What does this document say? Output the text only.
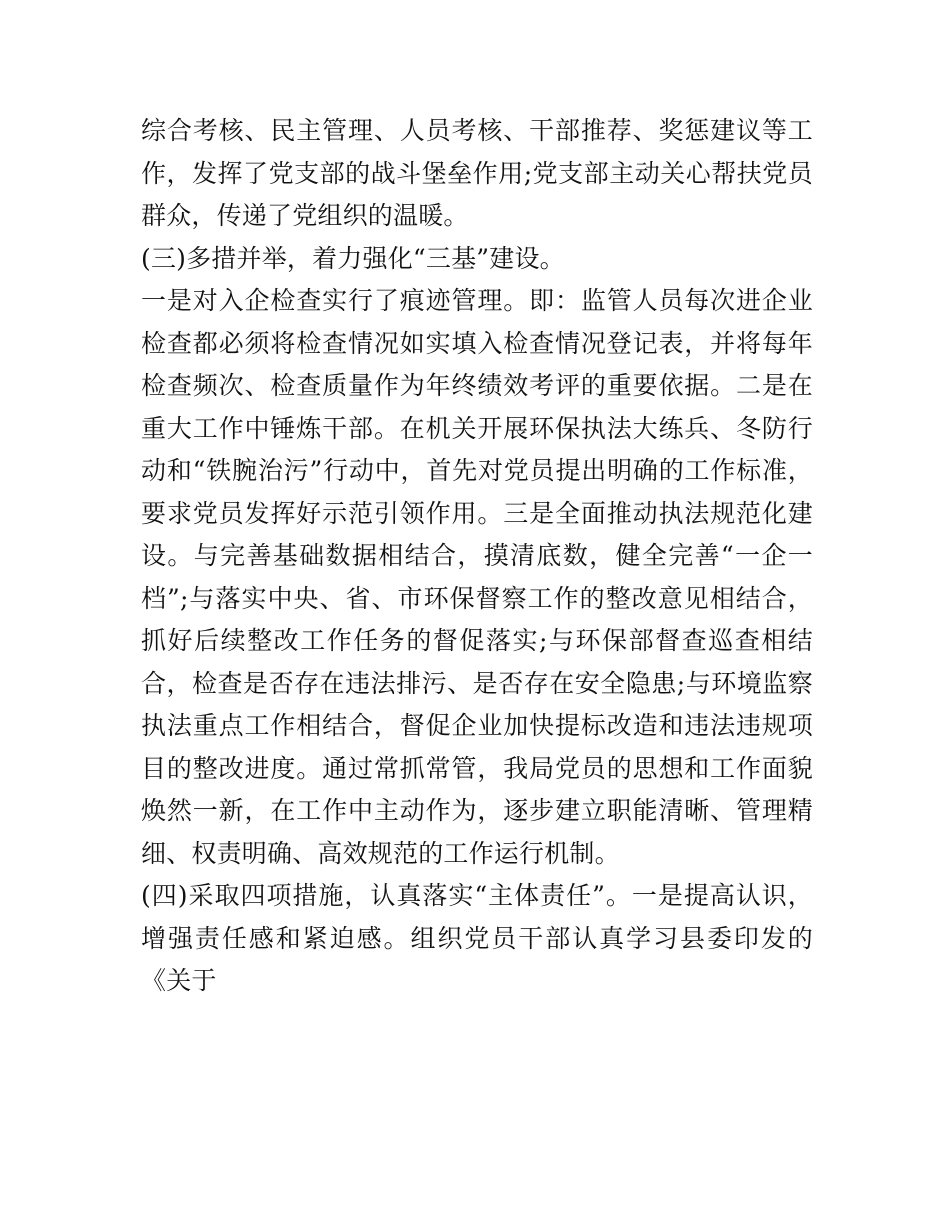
综合考核、民主管理、人员考核、干部推荐、奖惩建议等工作，发挥了党支部的战斗堡垒作用;党支部主动关心帮扶党员群众，传递了党组织的温暖。

(三)多措并举，着力强化“三基”建设。

一是对入企检查实行了痕迹管理。即：监管人员每次进企业检查都必须将检查情况如实填入检查情况登记表，并将每年检查频次、检查质量作为年终绩效考评的重要依据。二是在重大工作中锤炼干部。在机关开展环保执法大练兵、冬防行动和“铁腕治污”行动中，首先对党员提出明确的工作标准，要求党员发挥好示范引领作用。三是全面推动执法规范化建设。与完善基础数据相结合，摸清底数，健全完善“一企一档”;与落实中央、省、市环保督察工作的整改意见相结合，抓好后续整改工作任务的督促落实;与环保部督查巡查相结合，检查是否存在违法排污、是否存在安全隐患;与环境监察执法重点工作相结合，督促企业加快提标改造和违法违规项目的整改进度。通过常抓常管，我局党员的思想和工作面貌焕然一新，在工作中主动作为，逐步建立职能清晰、管理精细、权责明确、高效规范的工作运行机制。

(四)采取四项措施，认真落实“主体责任”。一是提高认识，增强责任感和紧迫感。组织党员干部认真学习县委印发的《关于
